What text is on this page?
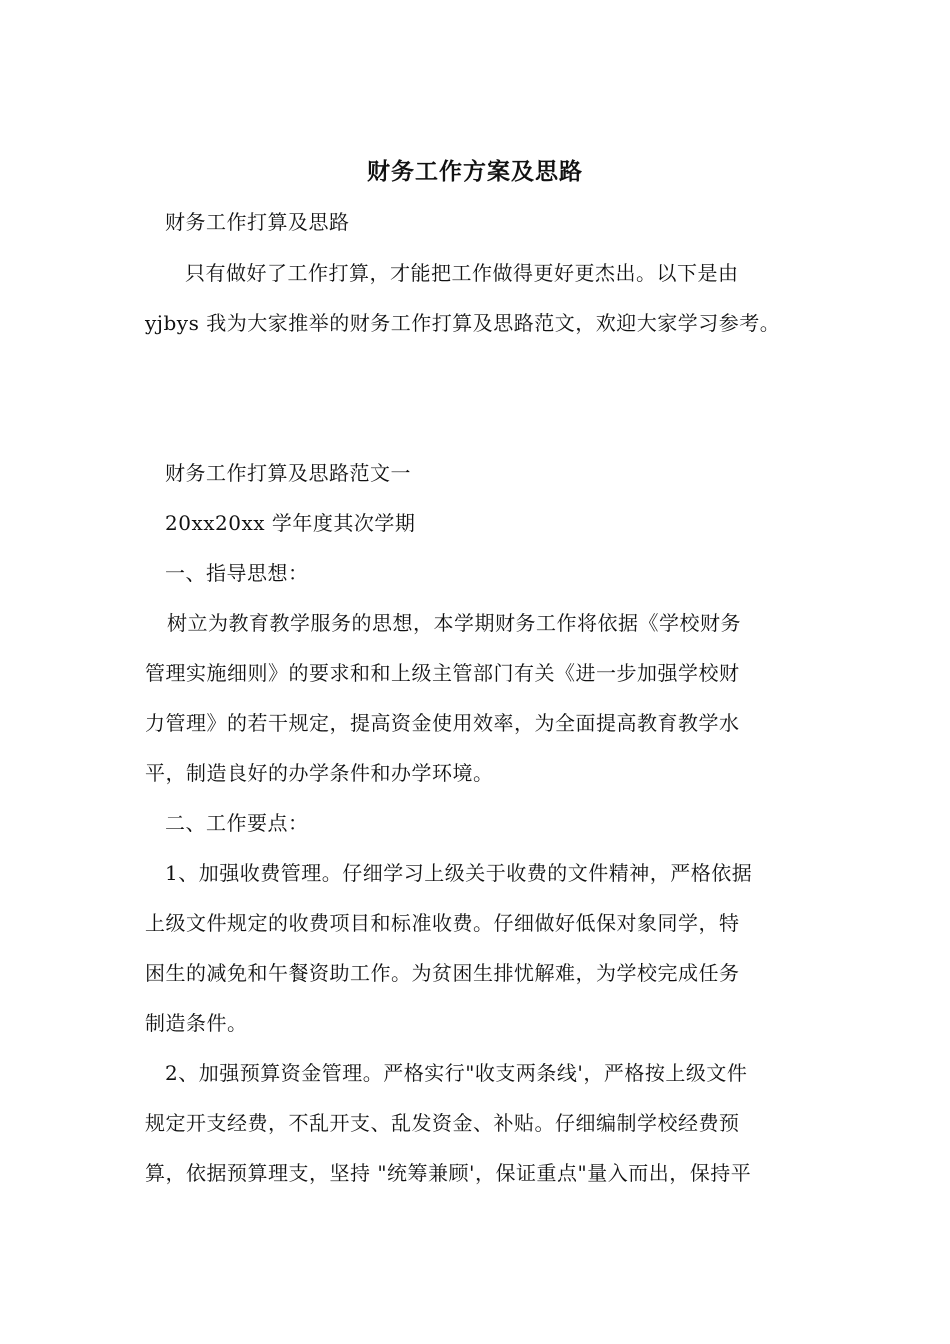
财务工作方案及思路
财务工作打算及思路
只有做好了工作打算，才能把工作做得更好更杰出。以下是由
yjbys 我为大家推举的财务工作打算及思路范文，欢迎大家学习参考。
财务工作打算及思路范文一
20xx20xx 学年度其次学期
一、指导思想：
树立为教育教学服务的思想，本学期财务工作将依据《学校财务
管理实施细则》的要求和和上级主管部门有关《进一步加强学校财
力管理》的若干规定，提高资金使用效率，为全面提高教育教学水
平，制造良好的办学条件和办学环境。
二、工作要点：
1、加强收费管理。仔细学习上级关于收费的文件精神，严格依据
上级文件规定的收费项目和标准收费。仔细做好低保对象同学，特
困生的减免和午餐资助工作。为贫困生排忧解难，为学校完成任务
制造条件。
2、加强预算资金管理。严格实行"收支两条线'，严格按上级文件
规定开支经费，不乱开支、乱发资金、补贴。仔细编制学校经费预
算，依据预算理支，坚持 "统筹兼顾'，保证重点"量入而出，保持平
